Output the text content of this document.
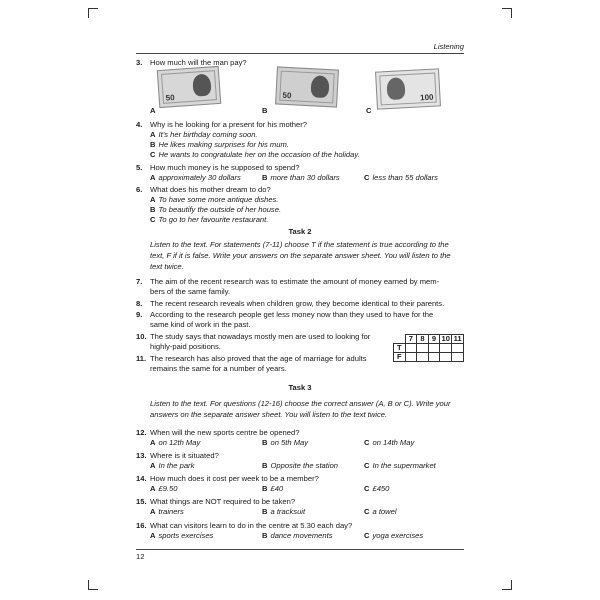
Listening
3. How much will the man pay?
A
50
B
50
C
100
4. Why is he looking for a present for his mother?
A It’s her birthday coming soon.
B He likes making surprises for his mum.
C He wants to congratulate her on the occasion of the holiday.
5. How much money is he supposed to spend?
A approximately 30 dollars	B more than 30 dollars	C less than 55 dollars
6. What does his mother dream to do?
A To have some more antique dishes.
B To beautify the outside of her house.
C To go to her favourite restaurant.
Task 2
Listen to the text. For statements (7-11) choose T if the statement is true according to the
text, F if it is false. Write your answers on the separate answer sheet. You will listen to the
text twice.
7. The aim of the recent research was to estimate the amount of money earned by mem-
bers of the same family.
8. The recent research reveals when children grow, they become identical to their parents.
9. According to the research people get less money now than they used to have for the
same kind of work in the past.
10. The study says that nowadays mostly men are used to looking for
highly-paid positions.
11. The research has also proved that the age of marriage for adults
remains the same for a number of years.
	7	8	9	10	11
T					
F					
Task 3
Listen to the text. For questions (12-16) choose the correct answer (A, B or C). Write your
answers on the separate answer sheet. You will listen to the text twice.
12. When will the new sports centre be opened?
A on 12th May	B on 5th May	C on 14th May
13. Where is it situated?
A In the park	B Opposite the station	C In the supermarket
14. How much does it cost per week to be a member?
A £9.50	B £40	C £450
15. What things are NOT required to be taken?
A trainers	B a tracksuit	C a towel
16. What can visitors learn to do in the centre at 5.30 each day?
A sports exercises	B dance movements	C yoga exercises
12
